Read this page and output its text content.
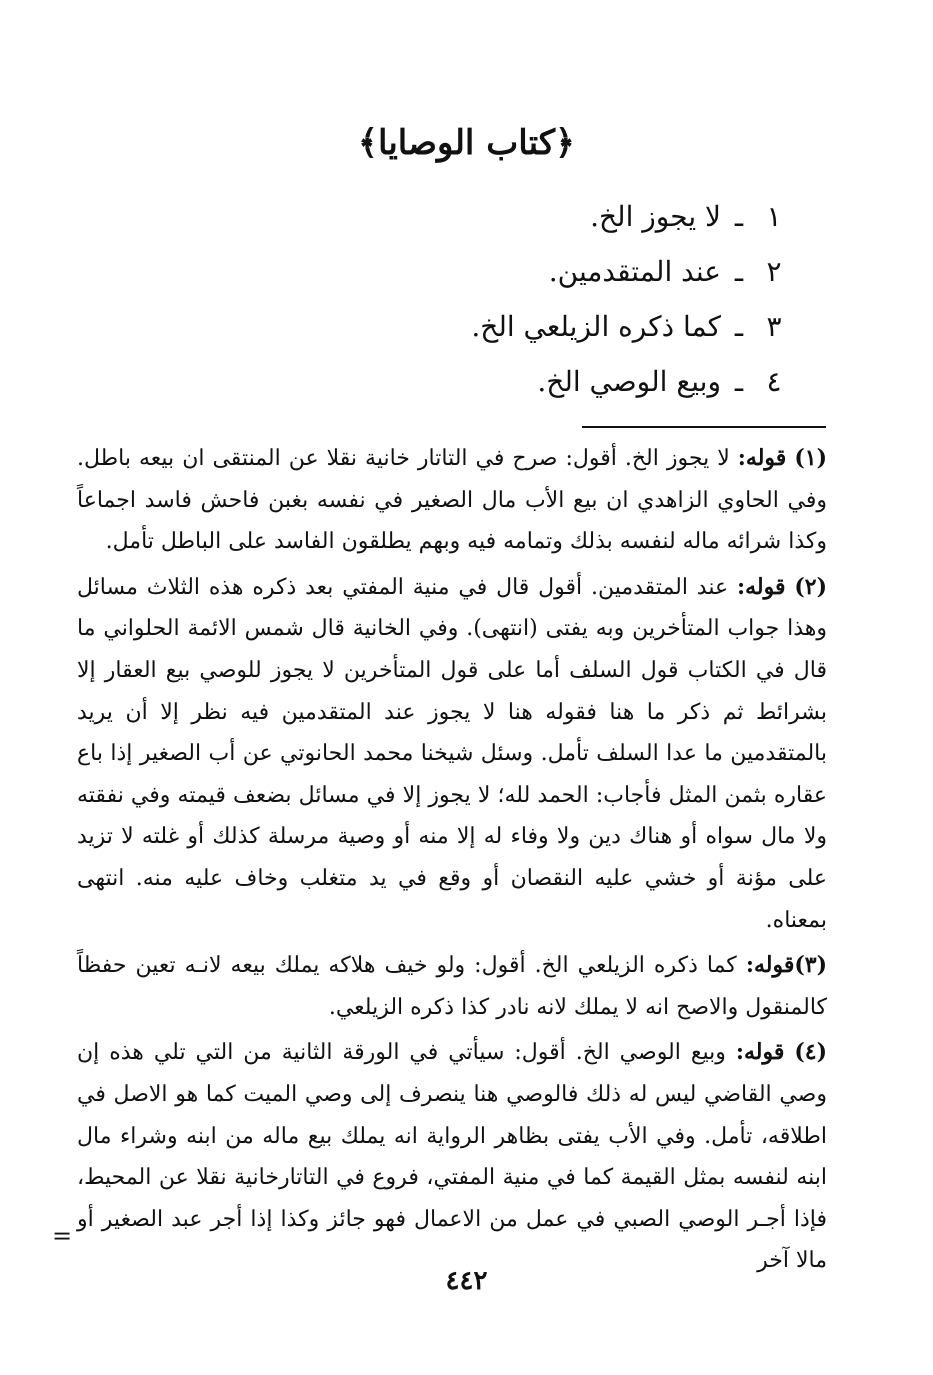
﴿كتاب الوصايا﴾
١
ـ
لا يجوز الخ.
٢
ـ
عند المتقدمين.
٣
ـ
كما ذكره الزيلعي الخ.
٤
ـ
وبيع الوصي الخ.

(١) قوله: لا يجوز الخ. أقول: صرح في التاتار خانية نقلا عن المنتقى ان بيعه باطل. وفي الحاوي الزاهدي ان بيع الأب مال الصغير في نفسه بغبن فاحش فاسد اجماعاً وكذا شرائه ماله لنفسه بذلك وتمامه فيه وبهم يطلقون الفاسد على الباطل تأمل.

(٢) قوله: عند المتقدمين. أقول قال في منية المفتي بعد ذكره هذه الثلاث مسائل وهذا جواب المتأخرين وبه يفتى (انتهى). وفي الخانية قال شمس الائمة الحلواني ما قال في الكتاب قول السلف أما على قول المتأخرين لا يجوز للوصي بيع العقار إلا بشرائط ثم ذكر ما هنا فقوله هنا لا يجوز عند المتقدمين فيه نظر إلا أن يريد بالمتقدمين ما عدا السلف تأمل. وسئل شيخنا محمد الحانوتي عن أب الصغير إذا باع عقاره بثمن المثل فأجاب: الحمد لله؛ لا يجوز إلا في مسائل بضعف قيمته وفي نفقته ولا مال سواه أو هناك دين ولا وفاء له إلا منه أو وصية مرسلة كذلك أو غلته لا تزيد على مؤنة أو خشي عليه النقصان أو وقع في يد متغلب وخاف عليه منه. انتهى بمعناه.

(٣)قوله: كما ذكره الزيلعي الخ. أقول: ولو خيف هلاكه يملك بيعه لانـه تعين حفظاً كالمنقول والاصح انه لا يملك لانه نادر كذا ذكره الزيلعي.

(٤) قوله: وبيع الوصي الخ. أقول: سيأتي في الورقة الثانية من التي تلي هذه إن وصي القاضي ليس له ذلك فالوصي هنا ينصرف إلى وصي الميت كما هو الاصل في اطلاقه، تأمل. وفي الأب يفتى بظاهر الرواية انه يملك بيع ماله من ابنه وشراء مال ابنه لنفسه بمثل القيمة كما في منية المفتي، فروع في التاتارخانية نقلا عن المحيط، فإذا أجـر الوصي الصبي في عمل من الاعمال فهو جائز وكذا إذا أجر عبد الصغير أو مالا آخر

=
٤٤٢
